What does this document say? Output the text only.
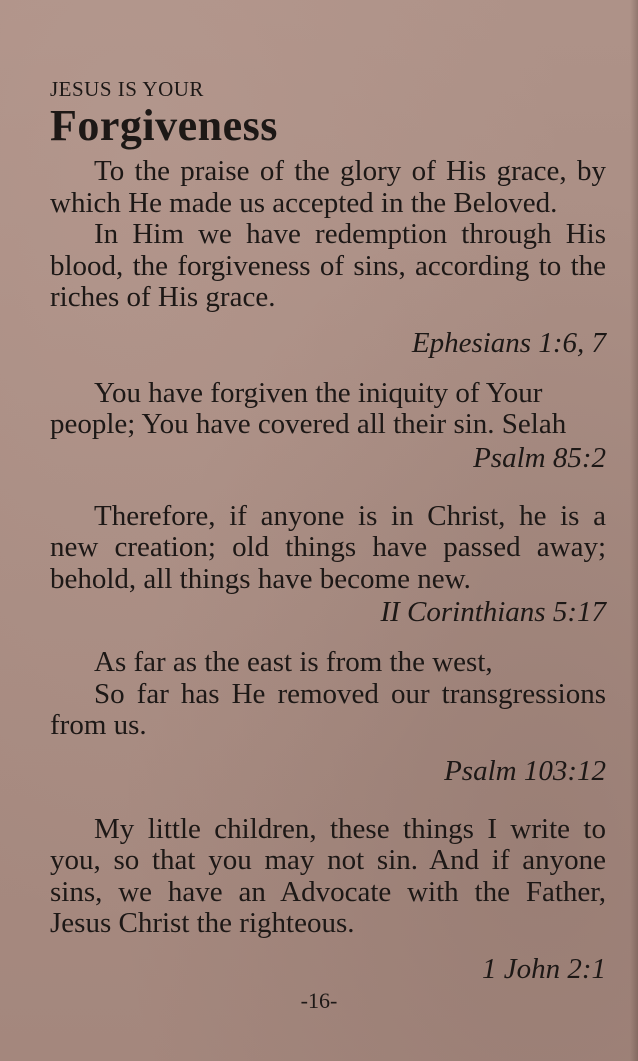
JESUS IS YOUR

Forgiveness

To the praise of the glory of His grace, by which He made us accepted in the Beloved.

In Him we have redemption through His blood, the forgiveness of sins, according to the riches of His grace.

Ephesians 1:6, 7

You have forgiven the iniquity of Your people; You have covered all their sin. Selah

Psalm 85:2

Therefore, if anyone is in Christ, he is a new creation; old things have passed away; behold, all things have become new.

II Corinthians 5:17

As far as the east is from the west,

So far has He removed our transgressions from us.

Psalm 103:12

My little children, these things I write to you, so that you may not sin. And if anyone sins, we have an Advocate with the Father, Jesus Christ the righteous.

1 John 2:1

-16-
